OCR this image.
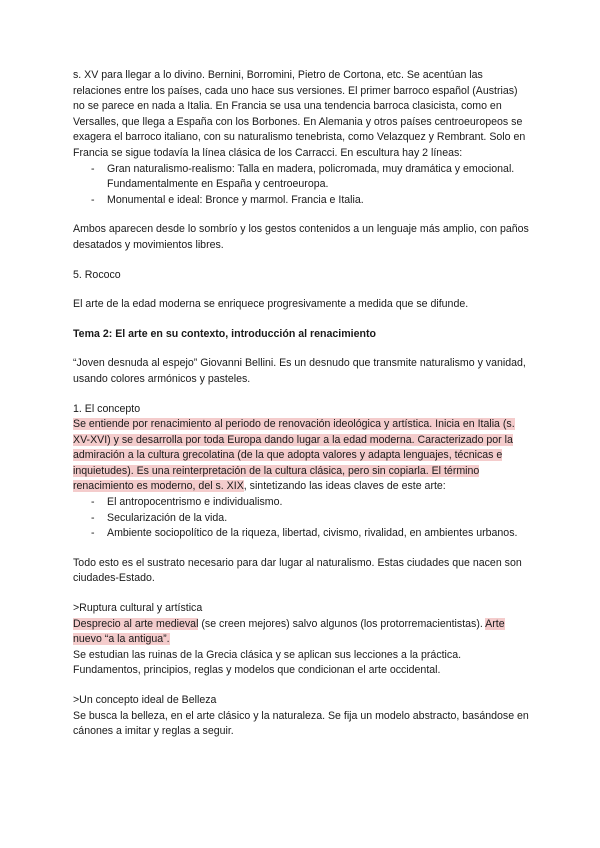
s. XV para llegar a lo divino. Bernini, Borromini, Pietro de Cortona, etc. Se acentúan las relaciones entre los países, cada uno hace sus versiones. El primer barroco español (Austrias) no se parece en nada a Italia. En Francia se usa una tendencia barroca clasicista, como en Versalles, que llega a España con los Borbones. En Alemania y otros países centroeuropeos se exagera el barroco italiano, con su naturalismo tenebrista, como Velazquez y Rembrant. Solo en Francia se sigue todavía la línea clásica de los Carracci. En escultura hay 2 líneas:

- Gran naturalismo-realismo: Talla en madera, policromada, muy dramática y emocional. Fundamentalmente en España y centroeuropa.
- Monumental e ideal: Bronce y marmol. Francia e Italia.

Ambos aparecen desde lo sombrío y los gestos contenidos a un lenguaje más amplio, con paños desatados y movimientos libres.

5. Rococo

El arte de la edad moderna se enriquece progresivamente a medida que se difunde.

Tema 2: El arte en su contexto, introducción al renacimiento

“Joven desnuda al espejo” Giovanni Bellini. Es un desnudo que transmite naturalismo y vanidad, usando colores armónicos y pasteles.

1. El concepto

Se entiende por renacimiento al periodo de renovación ideológica y artística. Inicia en Italia (s. XV-XVI) y se desarrolla por toda Europa dando lugar a la edad moderna. Caracterizado por la admiración a la cultura grecolatina (de la que adopta valores y adapta lenguajes, técnicas e inquietudes). Es una reinterpretación de la cultura clásica, pero sin copiarla. El término renacimiento es moderno, del s. XIX, sintetizando las ideas claves de este arte:

- El antropocentrismo e individualismo.
- Secularización de la vida.
- Ambiente sociopolítico de la riqueza, libertad, civismo, rivalidad, en ambientes urbanos.

Todo esto es el sustrato necesario para dar lugar al naturalismo. Estas ciudades que nacen son ciudades-Estado.

>Ruptura cultural y artística

Desprecio al arte medieval (se creen mejores) salvo algunos (los protorremacientistas). Arte nuevo “a la antigua”.

Se estudian las ruinas de la Grecia clásica y se aplican sus lecciones a la práctica. Fundamentos, principios, reglas y modelos que condicionan el arte occidental.

>Un concepto ideal de Belleza

Se busca la belleza, en el arte clásico y la naturaleza. Se fija un modelo abstracto, basándose en cánones a imitar y reglas a seguir.
